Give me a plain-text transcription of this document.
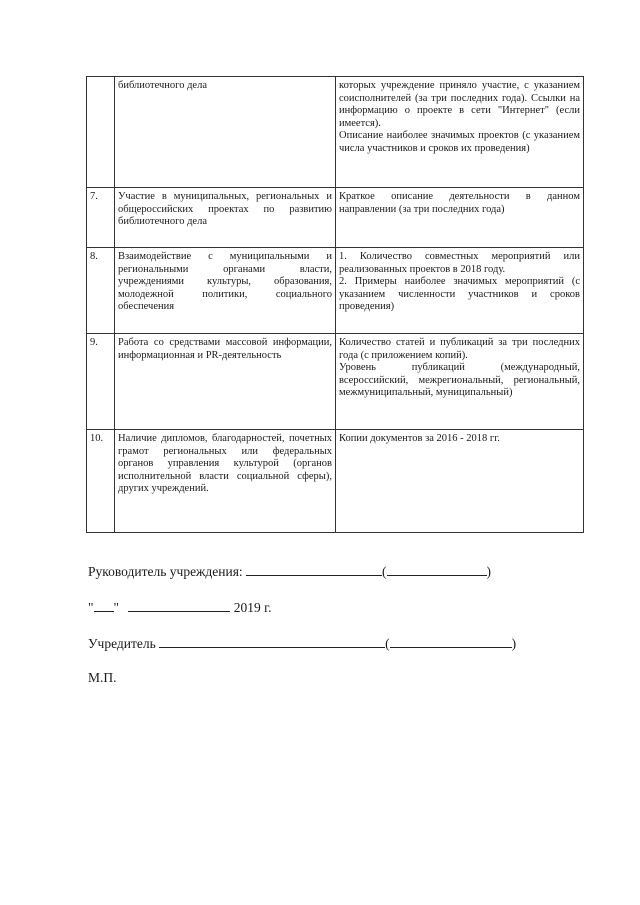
	библиотечного дела	которых учреждение приняло участие, с указанием соисполнителей (за три последних года). Ссылки на информацию о проекте в сети "Интернет" (если имеется).

Описание наиболее значимых проектов (с указанием числа участников и сроков их проведения)

7.	Участие в муниципальных, региональных и общероссийских проектах по развитию библиотечного дела	Краткое описание деятельности в данном направлении (за три последних года)

8.	Взаимодействие с муниципальными и региональными органами власти, учреждениями культуры, образования, молодежной политики, социального обеспечения	1. Количество совместных мероприятий или реализованных проектов в 2018 году.

2. Примеры наиболее значимых мероприятий (с указанием численности участников и сроков проведения)

9.	Работа со средствами массовой информации, информационная и PR-деятельность	Количество статей и публикаций за три последних года (с приложением копий).

Уровень публикаций (международный, всероссийский, межрегиональный, региональный, межмуниципальный, муниципальный)

10.	Наличие дипломов, благодарностей, почетных грамот региональных или федеральных органов управления культурой (органов исполнительной власти социальной сферы), других учреждений.	Копии документов за 2016 - 2018 гг.

Руководитель учреждения:	(	)
" "	2019 г.
Учредитель	(	)
М.П.
